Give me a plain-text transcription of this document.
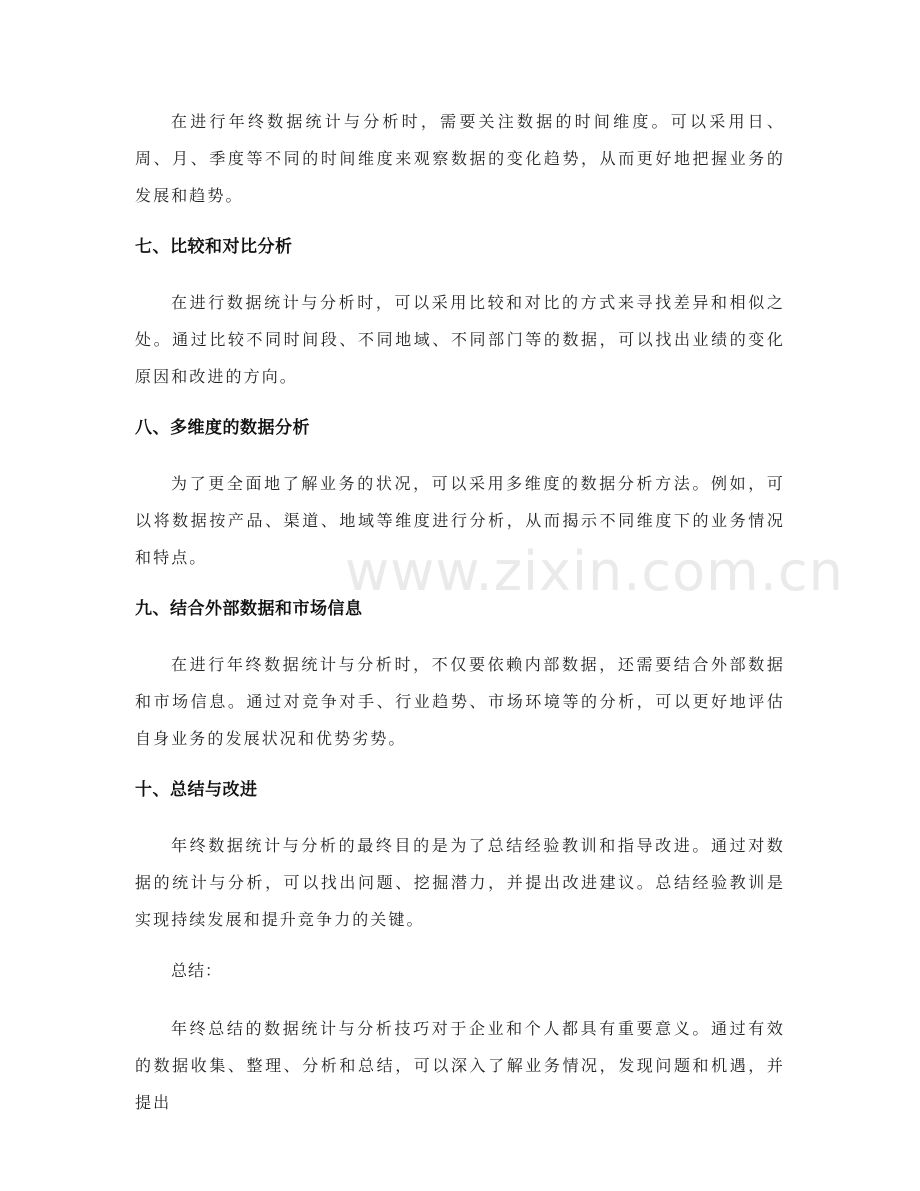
在进行年终数据统计与分析时，需要关注数据的时间维度。可以采用日、周、月、季度等不同的时间维度来观察数据的变化趋势，从而更好地把握业务的发展和趋势。

七、比较和对比分析

在进行数据统计与分析时，可以采用比较和对比的方式来寻找差异和相似之处。通过比较不同时间段、不同地域、不同部门等的数据，可以找出业绩的变化原因和改进的方向。

八、多维度的数据分析

为了更全面地了解业务的状况，可以采用多维度的数据分析方法。例如，可以将数据按产品、渠道、地域等维度进行分析，从而揭示不同维度下的业务情况和特点。

九、结合外部数据和市场信息

在进行年终数据统计与分析时，不仅要依赖内部数据，还需要结合外部数据和市场信息。通过对竞争对手、行业趋势、市场环境等的分析，可以更好地评估自身业务的发展状况和优势劣势。

十、总结与改进

年终数据统计与分析的最终目的是为了总结经验教训和指导改进。通过对数据的统计与分析，可以找出问题、挖掘潜力，并提出改进建议。总结经验教训是实现持续发展和提升竞争力的关键。

总结：

年终总结的数据统计与分析技巧对于企业和个人都具有重要意义。通过有效的数据收集、整理、分析和总结，可以深入了解业务情况，发现问题和机遇，并提出

www.zixin.com.cn
